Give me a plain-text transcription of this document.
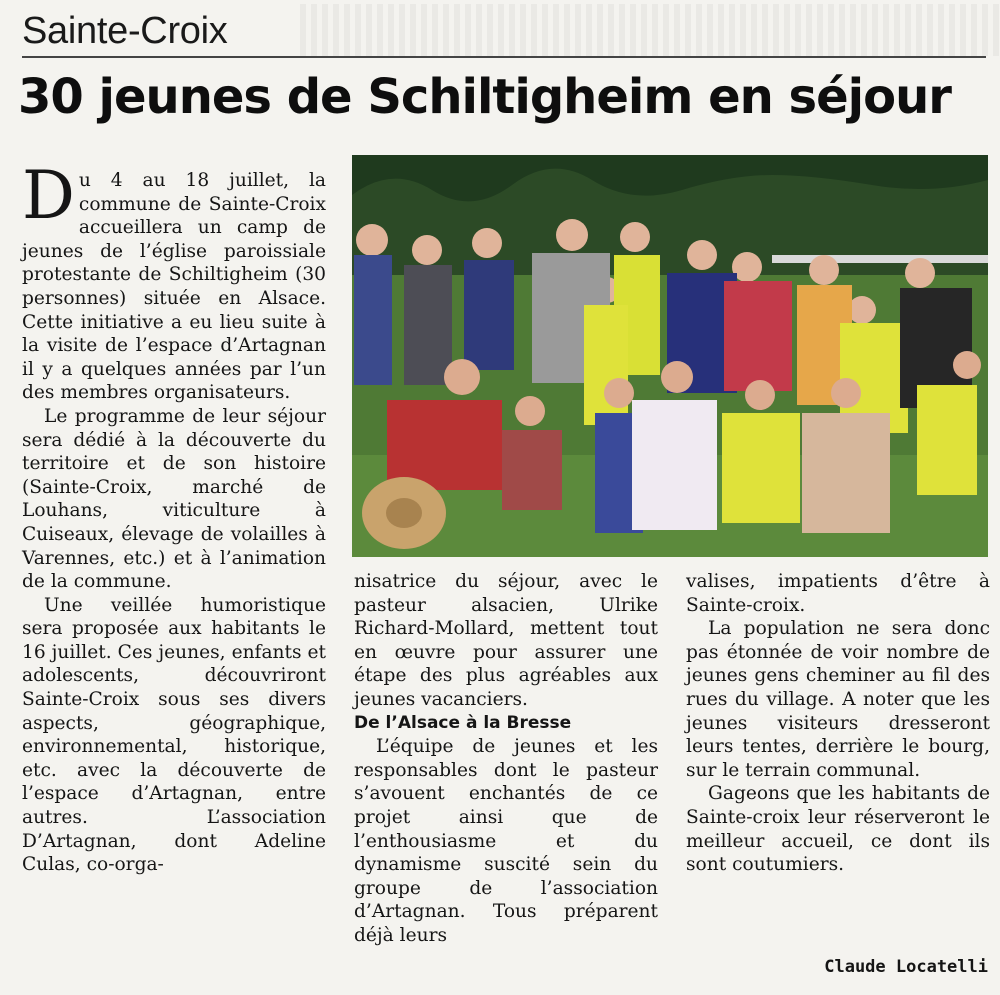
Sainte-Croix
30 jeunes de Schiltigheim en séjour

Du 4 au 18 juillet, la commune de Sainte-Croix accueillera un camp de jeunes de l’église paroissiale protestante de Schiltigheim (30 personnes) située en Alsace. Cette initiative a eu lieu suite à la visite de l’espace d’Artagnan il y a quelques années par l’un des membres organisateurs.

Le programme de leur séjour sera dédié à la découverte du territoire et de son histoire (Sainte-Croix, marché de Louhans, viticulture à Cuiseaux, élevage de volailles à Varennes, etc.) et à l’animation de la commune.

Une veillée humoristique sera proposée aux habitants le 16 juillet. Ces jeunes, enfants et adolescents, découvriront Sainte-Croix sous ses divers aspects, géographique, environnemental, historique, etc. avec la découverte de l’espace d’Artagnan, entre autres. L’association D’Artagnan, dont Adeline Culas, co-orga-

nisatrice du séjour, avec le pasteur alsacien, Ulrike Richard-Mollard, mettent tout en œuvre pour assurer une étape des plus agréables aux jeunes vacanciers.

De l’Alsace à la Bresse

L’équipe de jeunes et les responsables dont le pasteur s’avouent enchantés de ce projet ainsi que de l’enthousiasme et du dynamisme suscité sein du groupe de l’association d’Artagnan. Tous préparent déjà leurs

valises, impatients d’être à Sainte-croix.

La population ne sera donc pas étonnée de voir nombre de jeunes gens cheminer au fil des rues du village. A noter que les jeunes visiteurs dresseront leurs tentes, derrière le bourg, sur le terrain communal.

Gageons que les habitants de Sainte-croix leur réserveront le meilleur accueil, ce dont ils sont coutumiers.

Claude Locatelli
